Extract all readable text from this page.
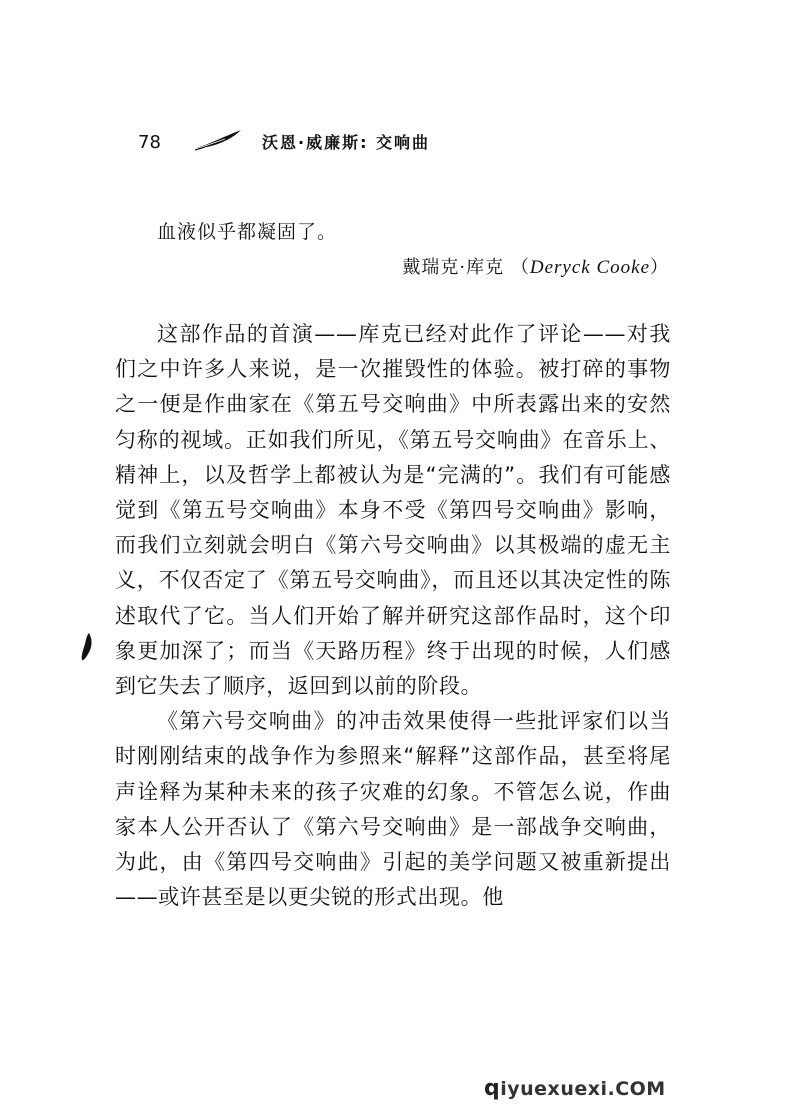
78	沃恩·威廉斯: 交响曲
血液似乎都凝固了。
戴瑞克·库克 （Deryck Cooke）

这部作品的首演——库克已经对此作了评论——对我们之中许多人来说，是一次摧毁性的体验。被打碎的事物之一便是作曲家在《第五号交响曲》中所表露出来的安然匀称的视域。正如我们所见，《第五号交响曲》在音乐上、精神上，以及哲学上都被认为是“完满的”。我们有可能感觉到《第五号交响曲》本身不受《第四号交响曲》影响，而我们立刻就会明白《第六号交响曲》以其极端的虚无主义，不仅否定了《第五号交响曲》，而且还以其决定性的陈述取代了它。当人们开始了解并研究这部作品时，这个印象更加深了；而当《天路历程》终于出现的时候，人们感到它失去了顺序，返回到以前的阶段。

《第六号交响曲》的冲击效果使得一些批评家们以当时刚刚结束的战争作为参照来“解释”这部作品，甚至将尾声诠释为某种未来的孩子灾难的幻象。不管怎么说，作曲家本人公开否认了《第六号交响曲》是一部战争交响曲，为此，由《第四号交响曲》引起的美学问题又被重新提出——或许甚至是以更尖锐的形式出现。他

qiyuexuexi.COM
